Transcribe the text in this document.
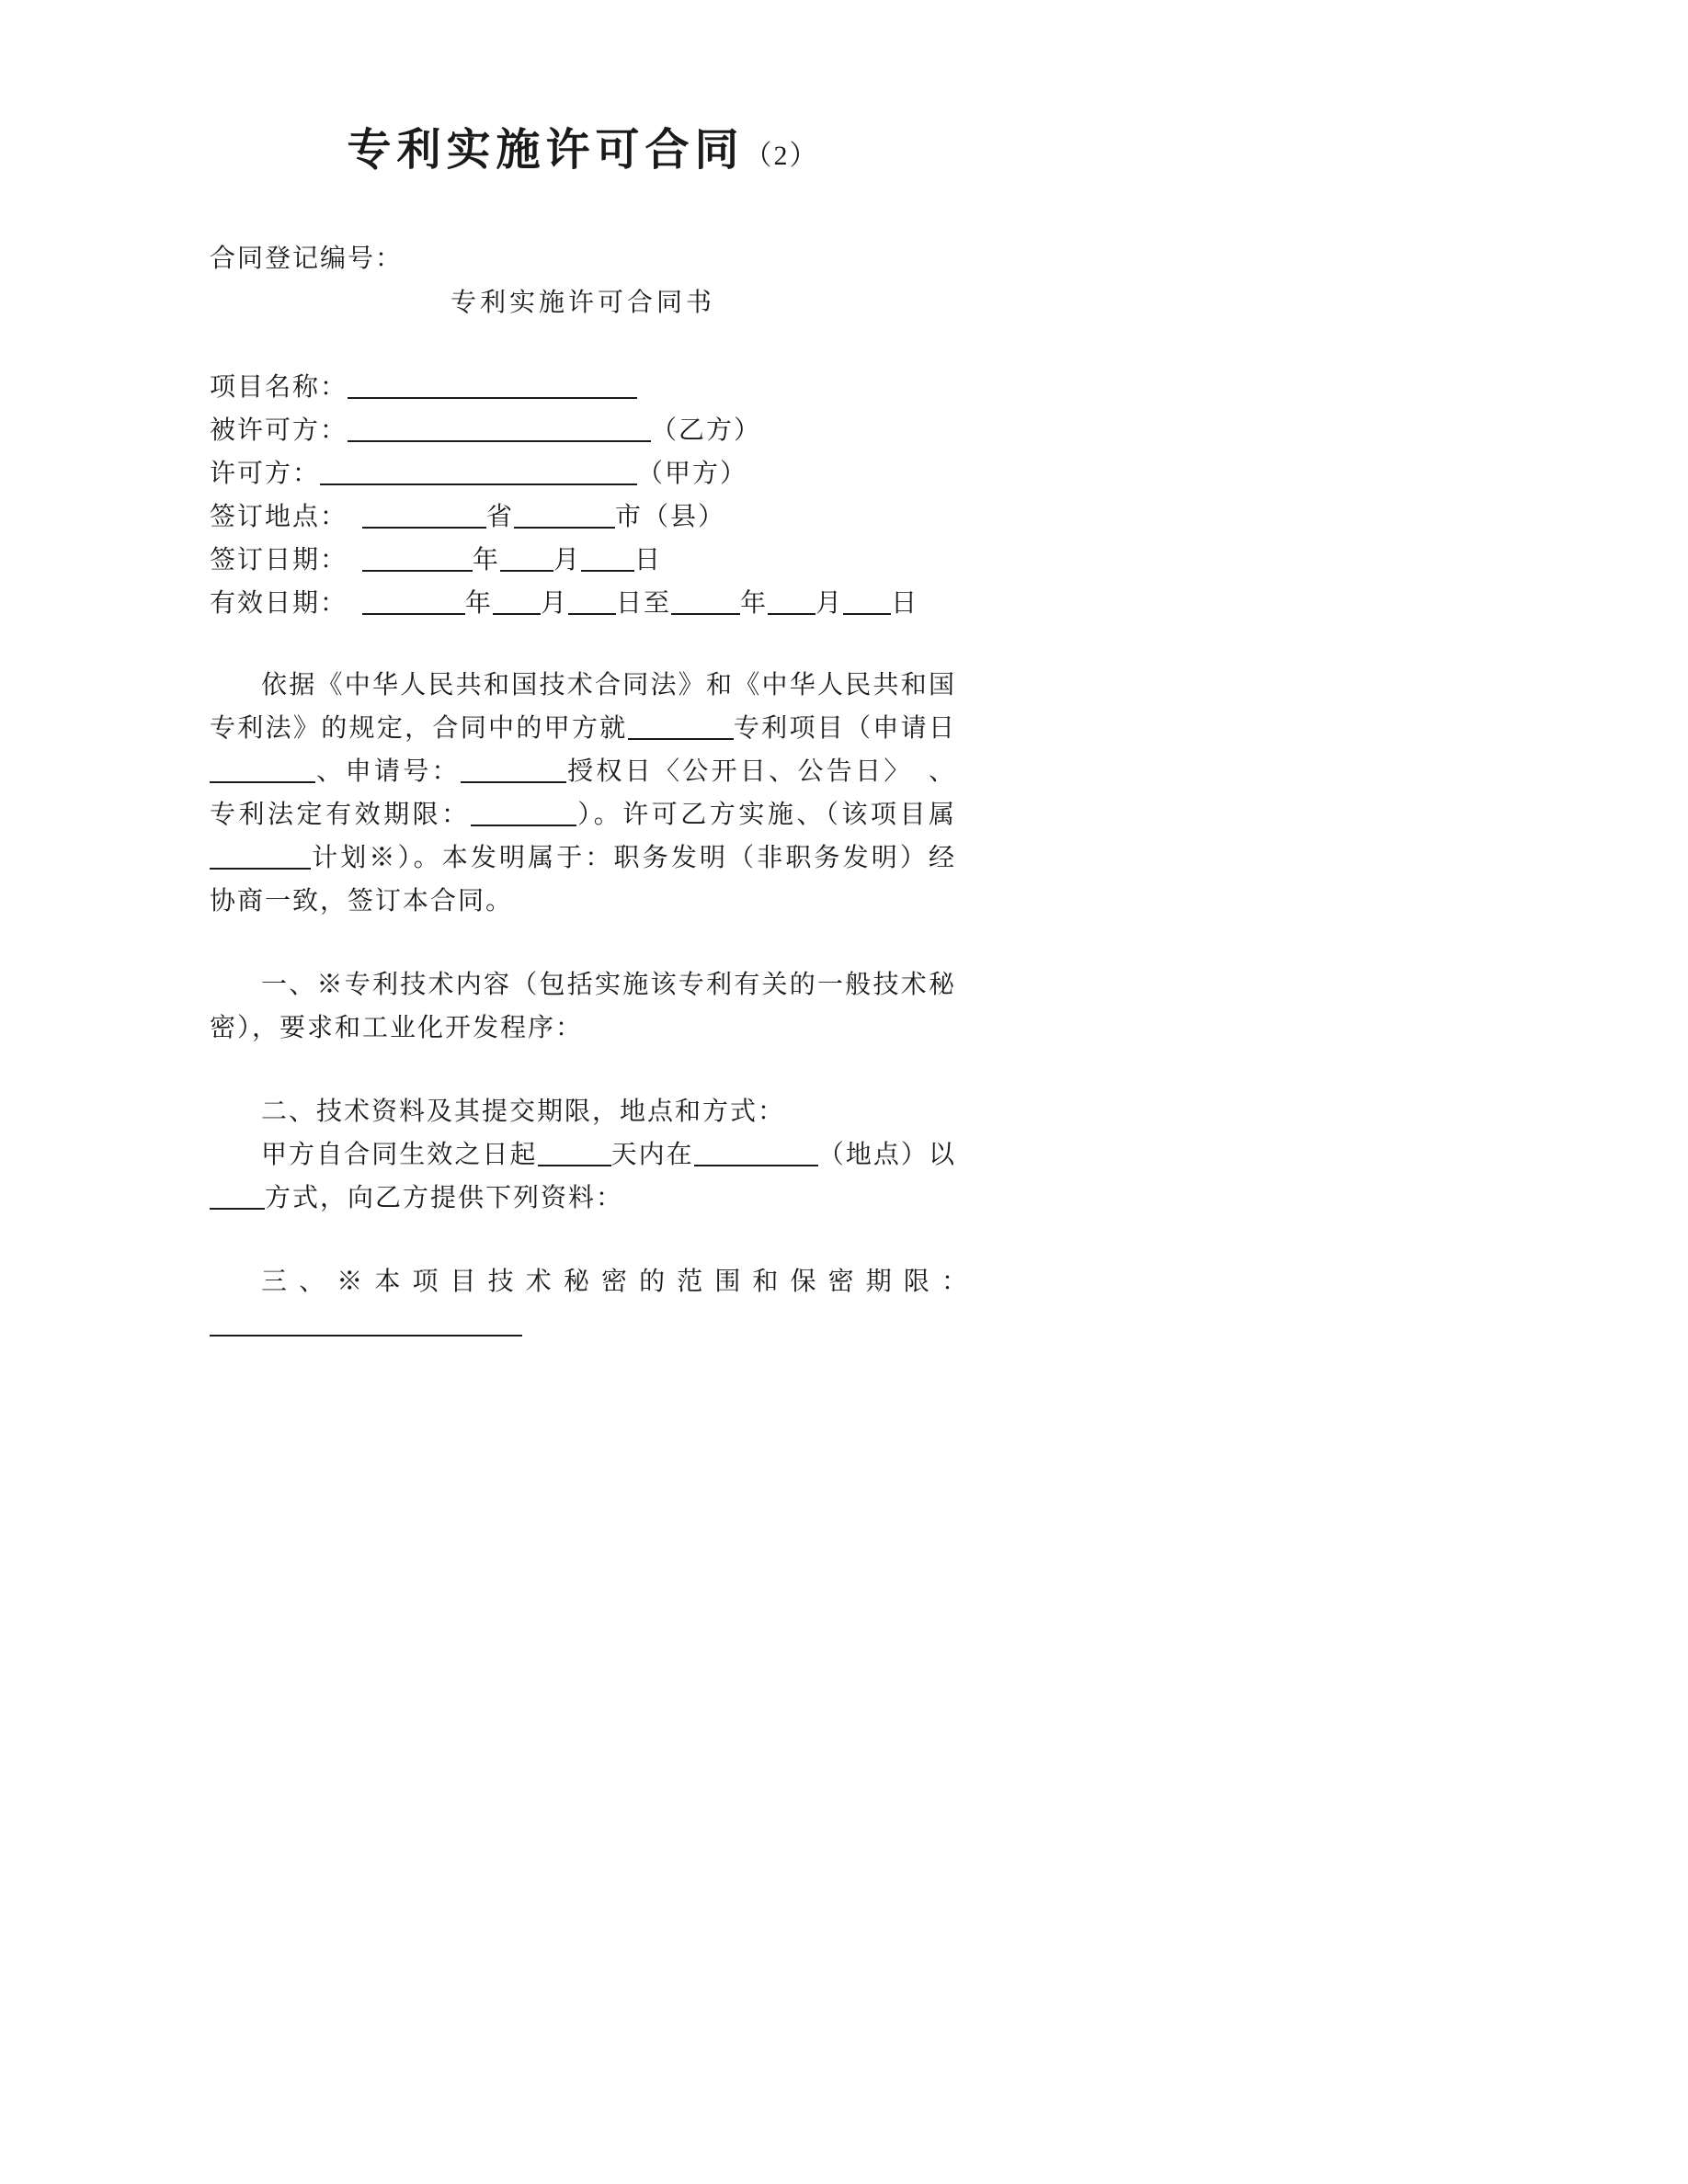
专利实施许可合同（2）

合同登记编号：

专利实施许可合同书

项目名称：

被许可方：	（乙方）

许可方：	（甲方）

签订地点：　	省	市（县）

签订日期：　	年 月 日

有效日期：　	年 月 日至	年 月 日

依据《中华人民共和国技术合同法》和《中华人民共和国专利法》的规定，合同中的甲方就	专利项目（申请日、申请号：	授权日〈公开日、公告日〉　、专利法定有效期限：	）。许可乙方实施、（该项目属计划※）。本发明属于：职务发明（非职务发明）经协商一致，签订本合同。

一、※专利技术内容（包括实施该专利有关的一般技术秘密），要求和工业化开发程序：

二、技术资料及其提交期限，地点和方式：

甲方自合同生效之日起	天内在	（地点）以方式，向乙方提供下列资料：

三、※本项目技术秘密的范围和保密期限：　
